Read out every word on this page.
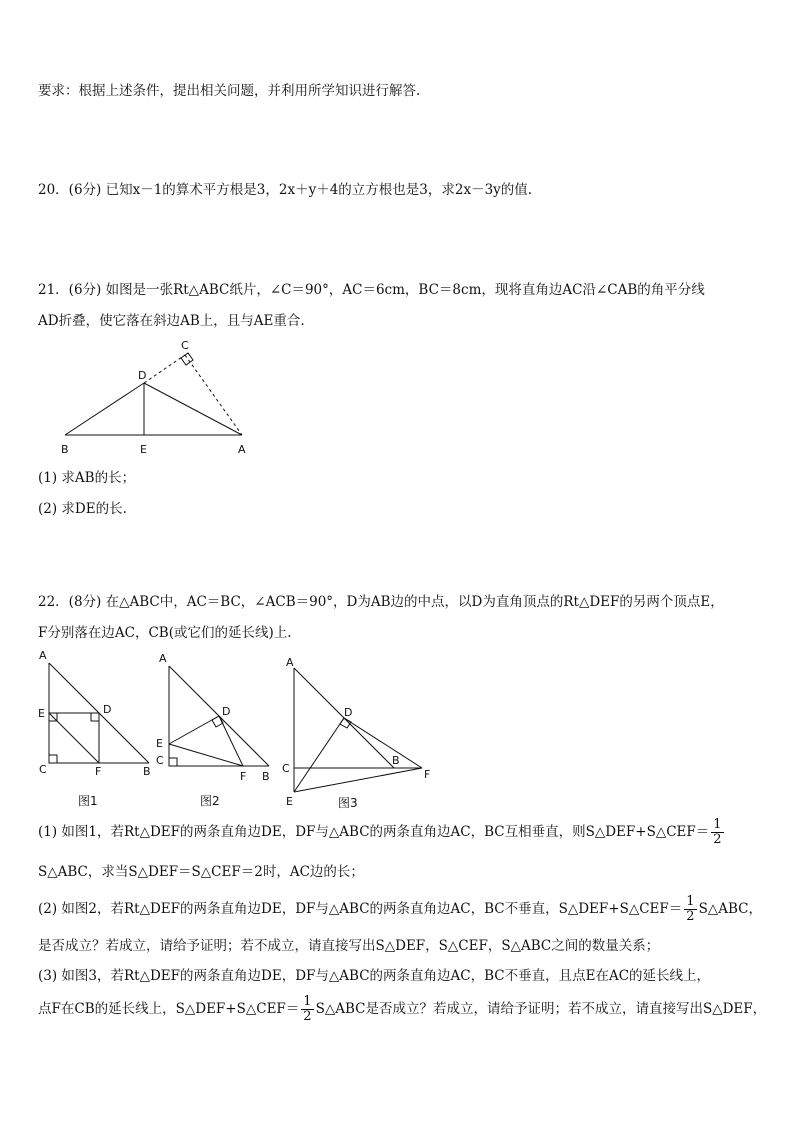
要求：根据上述条件，提出相关问题，并利用所学知识进行解答.
20．(6分) 已知x－1的算术平方根是3，2x＋y＋4的立方根也是3，求2x－3y的值.
21．(6分) 如图是一张Rt△ABC纸片，∠C＝90°，AC＝6cm，BC＝8cm，现将直角边AC沿∠CAB的角平分线
AD折叠，使它落在斜边AB上，且与AE重合.
C
D
B	E	A
(1) 求AB的长；
(2) 求DE的长.
22．(8分) 在△ABC中，AC＝BC，∠ACB＝90°，D为AB边的中点，以D为直角顶点的Rt△DEF的另两个顶点E，
F分别落在边AC，CB(或它们的延长线)上.
A
E	D
C	F	B
图1
A
E
D
C
F B
图2
A
D
C
B
F
E	图3
(1) 如图1，若Rt△DEF的两条直角边DE，DF与△ABC的两条直角边AC，BC互相垂直，则S△DEF+S△CEF＝ $\frac{1}{2}$
S△ABC，求当S△DEF＝S△CEF＝2时，AC边的长；
(2) 如图2，若Rt△DEF的两条直角边DE，DF与△ABC的两条直角边AC，BC不垂直，S△DEF+S△CEF＝ $\frac{1}{2}$ S△ABC，
是否成立？若成立，请给予证明；若不成立，请直接写出S△DEF，S△CEF，S△ABC之间的数量关系；
(3) 如图3，若Rt△DEF的两条直角边DE，DF与△ABC的两条直角边AC，BC不垂直，且点E在AC的延长线上，
点F在CB的延长线上，S△DEF+S△CEF＝ $\frac{1}{2}$ S△ABC是否成立？若成立，请给予证明；若不成立，请直接写出S△DEF，
